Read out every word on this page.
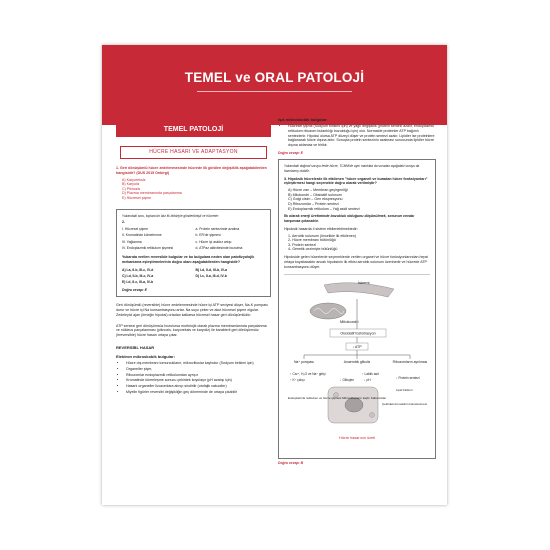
TEMEL ve ORAL PATOLOJİ
TEMEL PATOLOJİ
HÜCRE HASARI VE ADAPTASYON
1. Geri dönüşümlü hücre zedelenmesinde hücrede ilk görülen değişiklik aşağıdakilerden hangisidir? (DUS 2015 Onbirgi)
A) Karyoreksis
B) Karyoliz
C) Piknozis
D) Plazma membranında parçalanma
E) Hücresel şişme
Yukarıdaki soru, toplara bir bkz ilk birbiriyle gönderilmişti ve hücrede:
2.
I. Hücresel şişme	a. Protein sentezinde azalma
II. Kromatinde kümelenme	b. ER'de şişmesi
III. Yağlanma	c. Hücre içi asidoz artışı
IV. Endoplazmik retikulum şişmesi	d. ATPaz aktivitesinde bozulma
Yukarıda verilen reversible bulgular ve bu bulgulara neden olan patofizyolojik mekanizma eşleştirmelerinin doğru olanı aşağıdakilerden hangisidir?
A) I-a, II-b, III-c, IV-d	B) I-d, II-d, III-b, IV-a
C) I-d, II-b, III-c, IV-a	D) I-c, II-a, III-d, IV-b
E) I-d, II-c, III-a, IV-b
Doğru cevap: E
Geri dönüşümlü (reversible) hücre zedelenmesinde hücre içi ATP seviyesi düşer, Na-K pompası durur ve hücre içi Na konsantrasyonu artar. Na suyu çeker ve akut hücresel şişme olgular. Zedeleyici ajan (örneğin hipoksi) ortadan kalkarsa hücresel hasar geri dönüşümlüdür.
ATP sentezi geri dönüşümsüz bozulursa morfolojik olarak plazma membranlarında parçalanma ve nükleus parçalanması (piknozis, karyoreksis ve karyoliz) ile karakterli geri dönüşümsüz (irreversible) hücre hasarı ortaya çıkar.
REVERSİBL HASAR
Elektron mikroskobik bulgular:
• Hücre dış membranı tomurcuklanır, mikrovilluslar kaybolur (Sodyum birikimi için)
• Organeller şişer,
• Ribozomlar endoplazmik retikulumdan ayrışır
• Kromatinde kümeleşme sonucu çekirdek koyulaşır (pH azalışı için)
• Hasarlı organeller lizozomlara alınıp sindirilir (otofajik vakuoller)
• Miyelin figürler reversibl değişikliğin geç döneminde de ortaya çıkabilir
Işık mikroskobik bulgular:
• Hücresel şişme (Sodyum birikimi için) ve yağlı değişiklik (protein sentezi azalır, endoplazmik retikulum ribozom bulantılığı bozulduğu için) olur. Normalde proteinler ATP bağımlı sentezlenir. Hipoksi olursa ATP düzeyi düşer ve protein sentezi azalır. Lipidler ise proteinlere bağlanarak hücre dışına atılır. Sonuçta protein sentezinin azalması sonucunda lipidler hücre dışına atılamaz ve birikir.
Doğru cevap: E
Yukarıdaki doğmal soruyu lerde hücre, TCMM'de aynı mantıkta da sorudan aşağıdaki soruyu da hazırlamış olabilir:
3. Hipoksik hücrelerde ilk etkilenen "hücre organeli ve buradan hücre fonksiyonları" eşleştirmesi hangi seçenekte doğru olarak verilmiştir?
A) Hücre zarı – Membran geçirgenliği
B) Mitokondri – Oksidatif solunum
C) Golgi cisim – Gen ekspresyonu
D) Ribozomlar – Protein sentezi
E) Endoplazmik retikulum – Yağ asidi sentezi
İlk olarak enerji üretiminde bozukluk olduğunu düşünülmek, sorunun cevabı karşımıza çıkacaktır.
Hipoksik hasarda 4 sistem etkilenebilmektedir:
1- Aerobik solunum (öncelikle ilk etkilenen)
2- Hücre membranı bütünlüğü
3- Protein sentezi
4- Genetik cezimiçte bütünlüğü
Hipokside gelen hücrelerde seçeneklerde verilen organel ve hücre fonksiyonlarından hepsi ortaya koyabacaktır ancak hipoksinin ilk etkisi aerobik solunum üzerinedir ve hücrede ATP konsantrasyonu düşer.
İskemi
Mitokondri
Oksidatif fosforilasyon
↓ ATP
Na⁺ pompası	Anaerobik glikoliz	Ribozomların ayrılması
↑ Ca²⁺, H₂O ve Na⁺ girişi
↑ K⁺ çıkışı	↓ Glikojen
↑ Laktik asit
↓ pH	↓ Protein sentezi
Endoplazmik retikulum ve hücre şişmesi Mikrovillusların kaybı Kabarcıklar
Çekirdek kromatinin kümelenmesi
Lipid birikimi
Hücre hasarının özeti
Doğru cevap: B
